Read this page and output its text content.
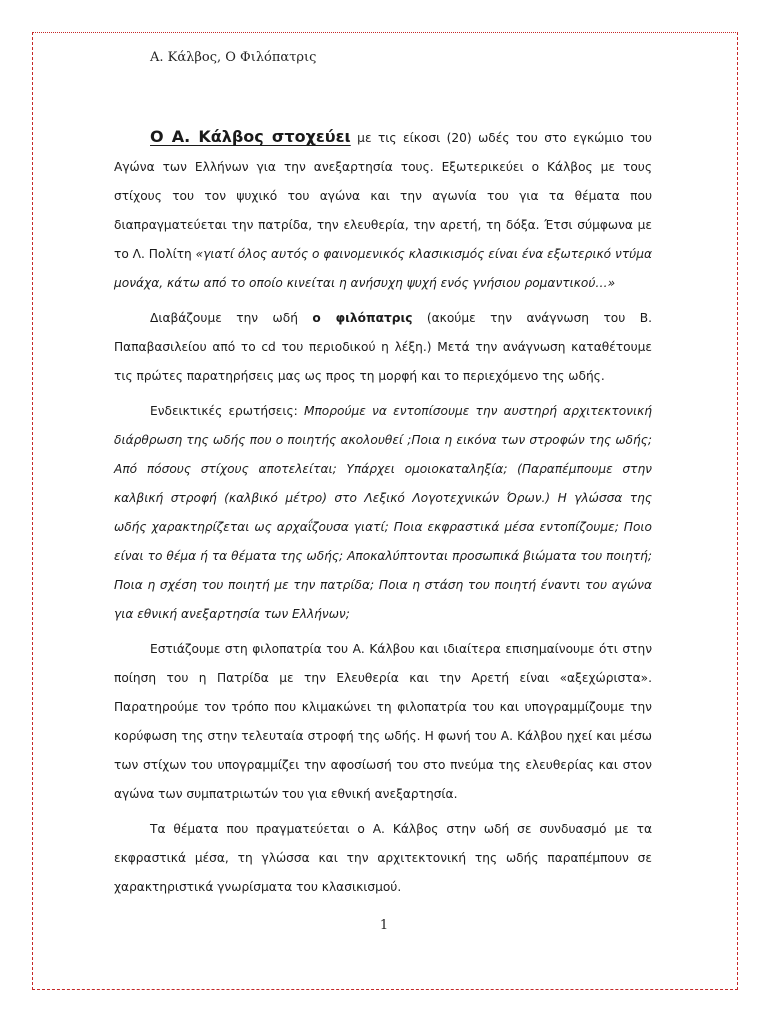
Α. Κάλβος, Ο Φιλόπατρις

Ο Α. Κάλβος στοχεύει με τις είκοσι (20) ωδές του στο εγκώμιο του Αγώνα των Ελλήνων για την ανεξαρτησία τους. Εξωτερικεύει ο Κάλβος με τους στίχους του τον ψυχικό του αγώνα και την αγωνία του για τα θέματα που διαπραγματεύεται την πατρίδα, την ελευθερία, την αρετή, τη δόξα. Έτσι σύμφωνα με το Λ. Πολίτη «γιατί όλος αυτός ο φαινομενικός κλασικισμός είναι ένα εξωτερικό ντύμα μονάχα, κάτω από το οποίο κινείται η ανήσυχη ψυχή ενός γνήσιου ρομαντικού…»

Διαβάζουμε την ωδή ο φιλόπατρις (ακούμε την ανάγνωση του Β. Παπαβασιλείου από το cd του περιοδικού η λέξη.) Μετά την ανάγνωση καταθέτουμε τις πρώτες παρατηρήσεις μας ως προς τη μορφή και το περιεχόμενο της ωδής.

Ενδεικτικές ερωτήσεις: Μπορούμε να εντοπίσουμε την αυστηρή αρχιτεκτονική διάρθρωση της ωδής που ο ποιητής ακολουθεί ;Ποια η εικόνα των στροφών της ωδής; Από πόσους στίχους αποτελείται; Υπάρχει ομοιοκαταληξία; (Παραπέμπουμε στην καλβική στροφή (καλβικό μέτρο) στο Λεξικό Λογοτεχνικών Όρων.) Η γλώσσα της ωδής χαρακτηρίζεται ως αρχαΐζουσα γιατί; Ποια εκφραστικά μέσα εντοπίζουμε; Ποιο είναι το θέμα ή τα θέματα της ωδής; Αποκαλύπτονται προσωπικά βιώματα του ποιητή; Ποια η σχέση του ποιητή με την πατρίδα; Ποια η στάση του ποιητή έναντι του αγώνα για εθνική ανεξαρτησία των Ελλήνων;

Εστιάζουμε στη φιλοπατρία του Α. Κάλβου και ιδιαίτερα επισημαίνουμε ότι στην ποίηση του η Πατρίδα με την Ελευθερία και την Αρετή είναι «αξεχώριστα». Παρατηρούμε τον τρόπο που κλιμακώνει τη φιλοπατρία του και υπογραμμίζουμε την κορύφωση της στην τελευταία στροφή της ωδής. Η φωνή του Α. Κάλβου ηχεί και μέσω των στίχων του υπογραμμίζει την αφοσίωσή του στο πνεύμα της ελευθερίας και στον αγώνα των συμπατριωτών του για εθνική ανεξαρτησία.

Τα θέματα που πραγματεύεται ο Α. Κάλβος στην ωδή σε συνδυασμό με τα εκφραστικά μέσα, τη γλώσσα και την αρχιτεκτονική της ωδής παραπέμπουν σε χαρακτηριστικά γνωρίσματα του κλασικισμού.

1
